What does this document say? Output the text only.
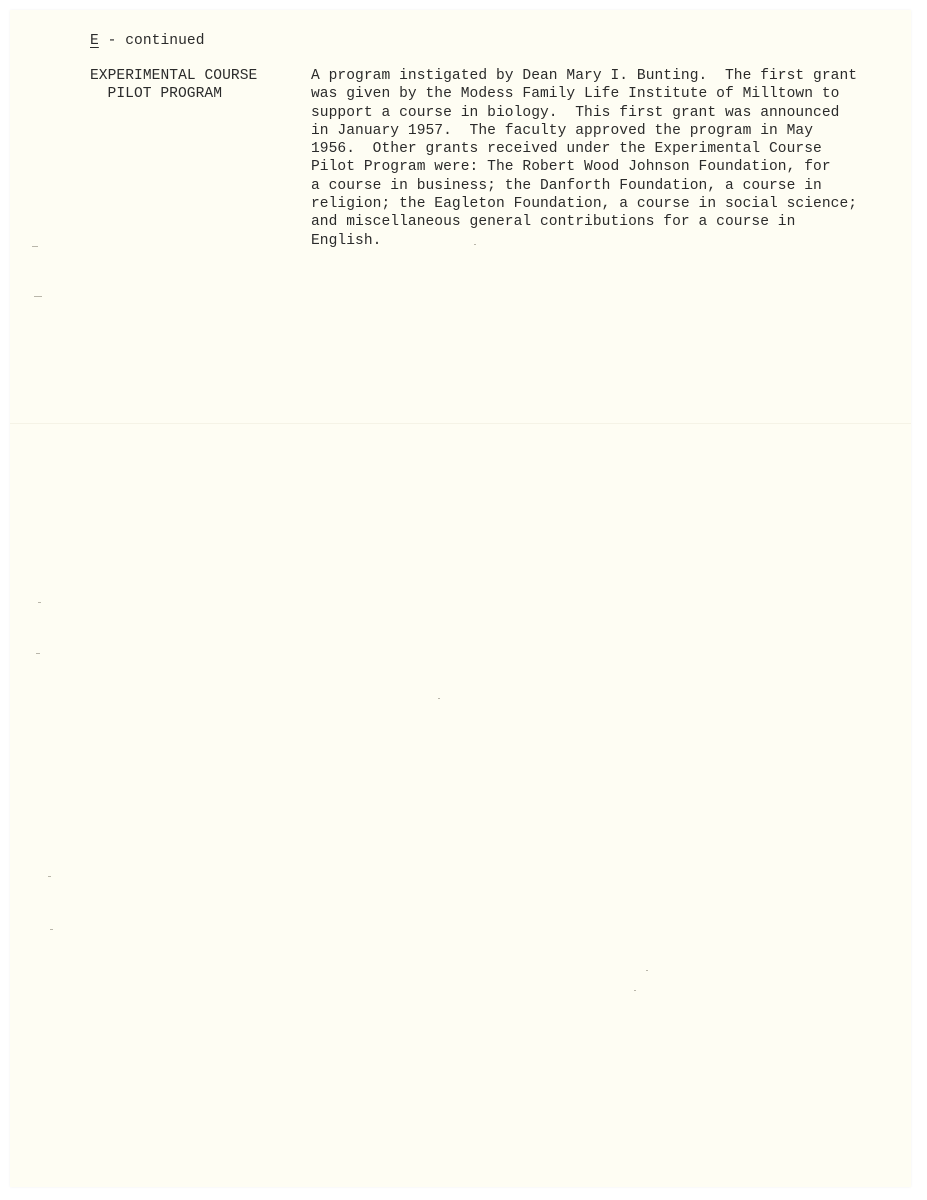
E - continued
EXPERIMENTAL COURSE
PILOT PROGRAM
A program instigated by Dean Mary I. Bunting.  The first grant
was given by the Modess Family Life Institute of Milltown to
support a course in biology.  This first grant was announced
in January 1957.  The faculty approved the program in May
1956.  Other grants received under the Experimental Course
Pilot Program were: The Robert Wood Johnson Foundation, for
a course in business; the Danforth Foundation, a course in
religion; the Eagleton Foundation, a course in social science;
and miscellaneous general contributions for a course in
English.
